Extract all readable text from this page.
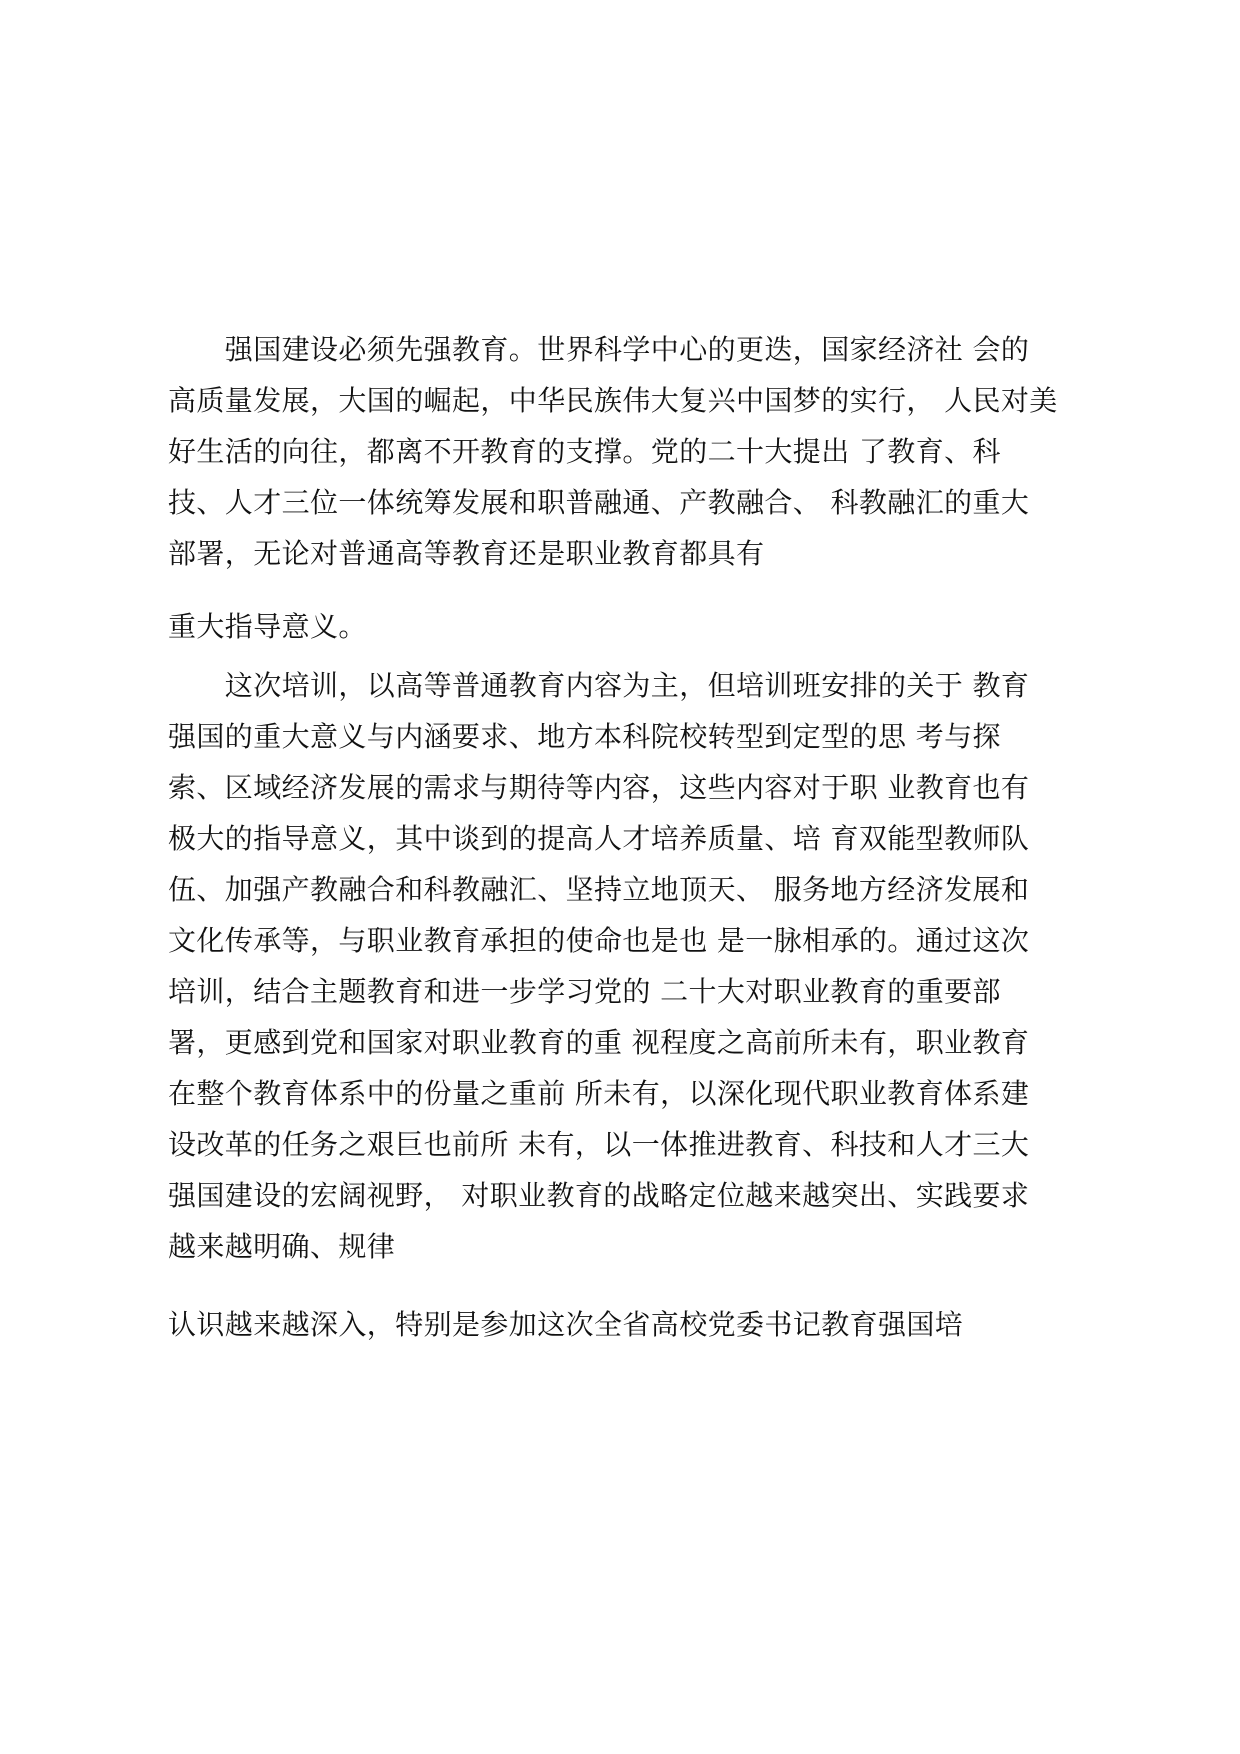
　　强国建设必须先强教育。世界科学中心的更迭，国家经济社 会的
高质量发展，大国的崛起，中华民族伟大复兴中国梦的实行， 人民对美
好生活的向往，都离不开教育的支撑。党的二十大提出 了教育、科
技、人才三位一体统筹发展和职普融通、产教融合、 科教融汇的重大
部署，无论对普通高等教育还是职业教育都具有
重大指导意义。
　　这次培训，以高等普通教育内容为主，但培训班安排的关于 教育
强国的重大意义与内涵要求、地方本科院校转型到定型的思 考与探
索、区域经济发展的需求与期待等内容，这些内容对于职 业教育也有
极大的指导意义，其中谈到的提高人才培养质量、培 育双能型教师队
伍、加强产教融合和科教融汇、坚持立地顶天、 服务地方经济发展和
文化传承等，与职业教育承担的使命也是也 是一脉相承的。通过这次
培训，结合主题教育和进一步学习党的 二十大对职业教育的重要部
署，更感到党和国家对职业教育的重 视程度之高前所未有，职业教育
在整个教育体系中的份量之重前 所未有，以深化现代职业教育体系建
设改革的任务之艰巨也前所 未有，以一体推进教育、科技和人才三大
强国建设的宏阔视野， 对职业教育的战略定位越来越突出、实践要求
越来越明确、规律
认识越来越深入，特别是参加这次全省高校党委书记教育强国培
